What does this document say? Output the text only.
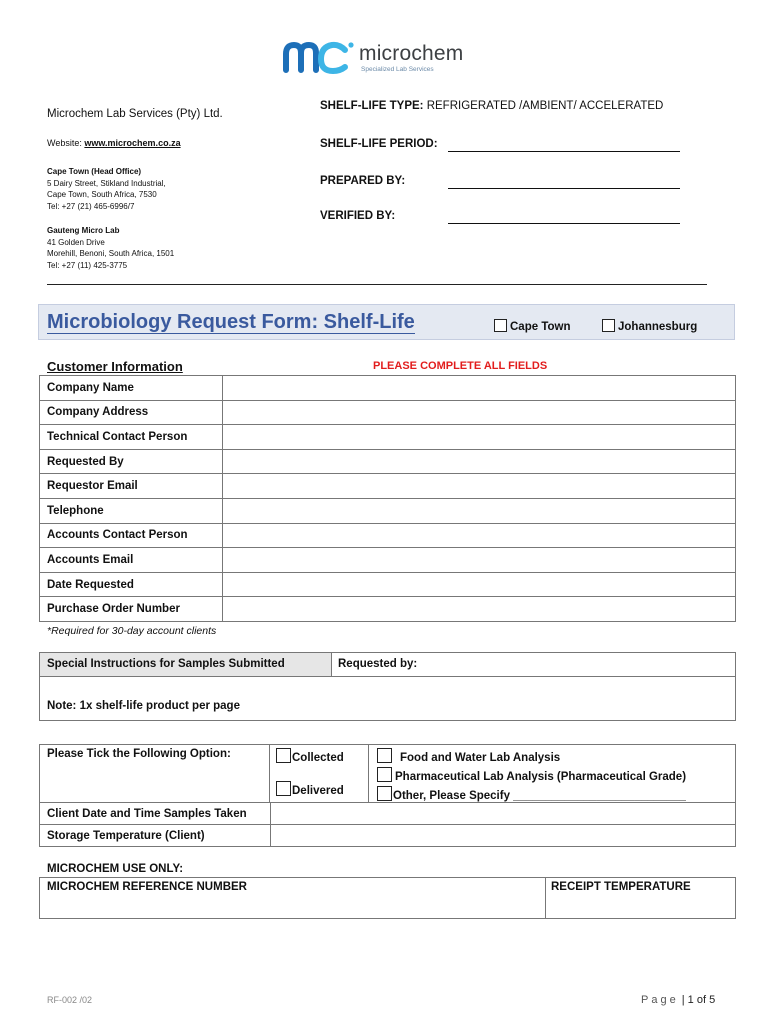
microchem
Specialized Lab Services
Microchem Lab Services (Pty) Ltd.
Website: www.microchem.co.za
Cape Town (Head Office)
5 Dairy Street, Stikland Industrial,
Cape Town, South Africa, 7530
Tel: +27 (21) 465-6996/7
Gauteng Micro Lab
41 Golden Drive
Morehill, Benoni, South Africa, 1501
Tel: +27 (11) 425-3775
SHELF-LIFE TYPE: REFRIGERATED /AMBIENT/ ACCELERATED
SHELF-LIFE PERIOD:
PREPARED BY:
VERIFIED BY:
Microbiology Request Form: Shelf-Life	Cape Town	Johannesburg
Customer Information	PLEASE COMPLETE ALL FIELDS
Company Name	
Company Address	
Technical Contact Person	
Requested By	
Requestor Email	
Telephone	
Accounts Contact Person	
Accounts Email	
Date Requested	
Purchase Order Number	
*Required for 30-day account clients
Special Instructions for Samples Submitted	Requested by:
Note: 1x shelf-life product per page
Please Tick the Following Option:	Collected
Delivered
Food and Water Lab Analysis
Pharmaceutical Lab Analysis (Pharmaceutical Grade)
Other, Please Specify ___________________________
Client Date and Time Samples Taken	
Storage Temperature (Client)	
MICROCHEM USE ONLY:
MICROCHEM REFERENCE NUMBER	RECEIPT TEMPERATURE
RF-002 /02	Page | 1 of 5
